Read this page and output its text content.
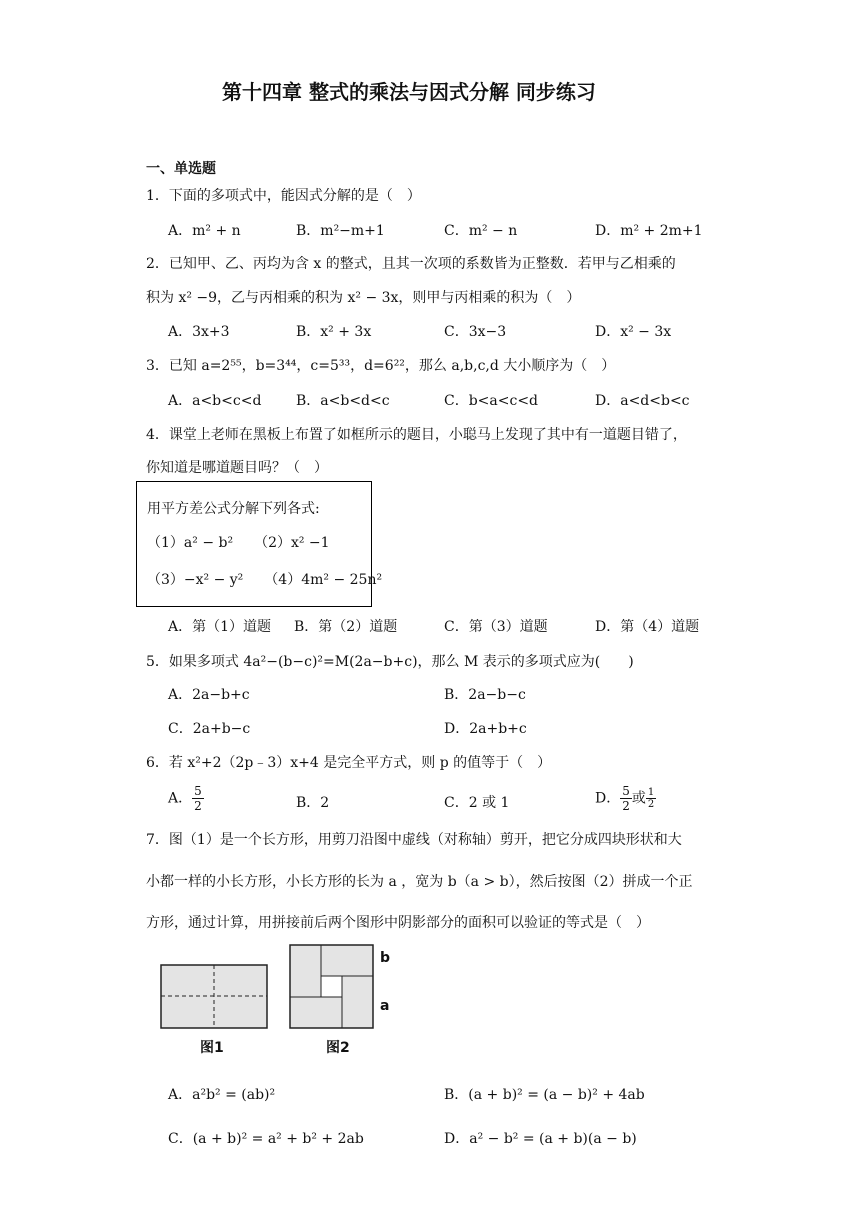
第十四章 整式的乘法与因式分解 同步练习
一、单选题
1．下面的多项式中，能因式分解的是（　）
A．m² + n	B．m²−m+1	C．m² − n	D．m² + 2m+1
2．已知甲、乙、丙均为含 x 的整式，且其一次项的系数皆为正整数．若甲与乙相乘的
积为 x² −9，乙与丙相乘的积为 x² − 3x，则甲与丙相乘的积为（　）
A．3x+3	B．x² + 3x	C．3x−3	D．x² − 3x
3．已知 a=2⁵⁵，b=3⁴⁴，c=5³³，d=6²²，那么 a,b,c,d 大小顺序为（　）
A．a<b<c<d B．a<b<d<c	C．b<a<c<d	D．a<d<b<c
4．课堂上老师在黑板上布置了如框所示的题目，小聪马上发现了其中有一道题目错了，
你知道是哪道题目吗？（　）
用平方差公式分解下列各式:
（1）a² − b²　　（2）x² −1
（3）−x² − y²　　（4）4m² − 25n²
A．第（1）道题 B．第（2）道题	C．第（3）道题	D．第（4）道题
5．如果多项式 4a²−(b−c)²=M(2a−b+c)，那么 M 表示的多项式应为(　　)
A．2a−b+c	B．2a−b−c
C．2a+b−c	D．2a+b+c
6．若 x²+2（2p﹣3）x+4 是完全平方式，则 p 的值等于（　）
A． $\frac{5}{2}$	B．2	C．2 或 1	D． $\frac{5}{2}$ 或 $\frac{1}{2}$
7．图（1）是一个长方形，用剪刀沿图中虚线（对称轴）剪开，把它分成四块形状和大
小都一样的小长方形，小长方形的长为 a ，宽为 b（a > b），然后按图（2）拼成一个正
方形，通过计算，用拼接前后两个图形中阴影部分的面积可以验证的等式是（　）
图1
b
a
图2
A．a²b² = (ab)²	B．(a + b)² = (a − b)² + 4ab
C．(a + b)² = a² + b² + 2ab	D．a² − b² = (a + b)(a − b)
